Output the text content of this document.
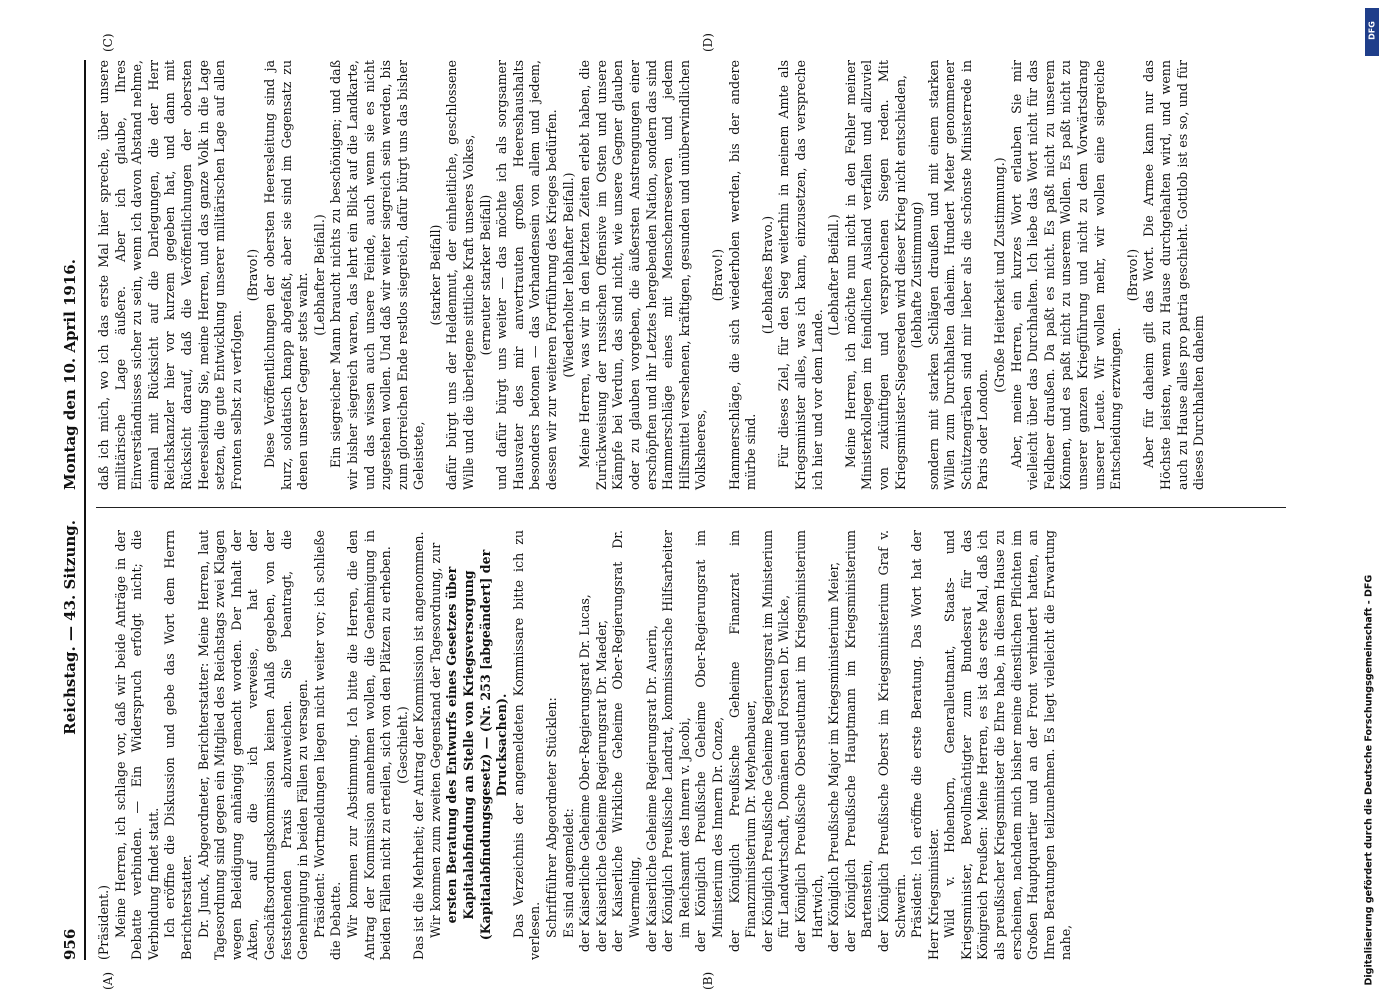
956
Reichstag. — 43. Sitzung.
Montag den 10. April 1916.
(A)	(B)
(C)	(D)

(Präsident.) Meine Herren, ich schlage vor, daß wir beide Anträge in der Debatte verbinden. — Ein Widerspruch erfolgt nicht; die Verbindung findet statt. Ich eröffne die Diskussion und gebe das Wort dem Herrn Berichterstatter. Dr. Junck, Abgeordneter, Berichterstatter: Meine Herren, laut Tagesordnung sind gegen ein Mitglied des Reichstags zwei Klagen wegen Beleidigung anhängig gemacht worden. Der Inhalt der Akten, auf die ich verweise, hat der Geschäftsordnungskommission keinen Anlaß gegeben, von der feststehenden Praxis abzuweichen. Sie beantragt, die Genehmigung in beiden Fällen zu versagen. Präsident: Wortmeldungen liegen nicht weiter vor; ich schließe die Debatte. Wir kommen zur Abstimmung. Ich bitte die Herren, die den Antrag der Kommission annehmen wollen, die Genehmigung in beiden Fällen nicht zu erteilen, sich von den Plätzen zu erheben. (Geschieht.) Das ist die Mehrheit; der Antrag der Kommission ist angenommen. Wir kommen zum zweiten Gegenstand der Tagesordnung, zur ersten Beratung des Entwurfs eines Gesetzes über Kapitalabfindung an Stelle von Kriegsversorgung (Kapitalabfindungsgesetz) — (Nr. 253 [abgeändert] der Drucksachen). Das Verzeichnis der angemeldeten Kommissare bitte ich zu verlesen. Schriftführer Abgeordneter Stücklen: Es sind angemeldet: der Kaiserliche Geheime Ober-Regierungsrat Dr. Lucas, der Kaiserliche Geheime Regierungsrat Dr. Maeder, der Kaiserliche Wirkliche Geheime Ober-Regierungsrat Dr. Wuermeling, der Kaiserliche Geheime Regierungsrat Dr. Auerin, der Königlich Preußische Landrat, kommissarische Hilfsarbeiter im Reichsamt des Innern v. Jacobi, der Königlich Preußische Geheime Ober-Regierungsrat im Ministerium des Innern Dr. Conze, der Königlich Preußische Geheime Finanzrat im Finanzministerium Dr. Meyhenbauer, der Königlich Preußische Geheime Regierungsrat im Ministerium für Landwirtschaft, Domänen und Forsten Dr. Wilcke, der Königlich Preußische Oberstleutnant im Kriegsministerium Hartwich, der Königlich Preußische Major im Kriegsministerium Meier, der Königlich Preußische Hauptmann im Kriegsministerium Bartenstein, der Königlich Preußische Oberst im Kriegsministerium Graf v. Schwerin. Präsident: Ich eröffne die erste Beratung. Das Wort hat der Herr Kriegsminister. Wild v. Hohenborn, Generalleutnant, Staats- und Kriegsminister, Bevollmächtigter zum Bundesrat für das Königreich Preußen: Meine Herren, es ist das erste Mal, daß ich als preußischer Kriegsminister die Ehre habe, in diesem Hause zu erscheinen, nachdem mich bisher meine dienstlichen Pflichten im Großen Hauptquartier und an der Front verhindert hatten, an Ihren Beratungen teilzunehmen. Es liegt vielleicht die Erwartung nahe,

daß ich mich, wo ich das erste Mal hier spreche, über unsere militärische Lage äußere. Aber ich glaube, Ihres Einverständnisses sicher zu sein, wenn ich davon Abstand nehme, einmal mit Rücksicht auf die Darlegungen, die der Herr Reichskanzler hier vor kurzem gegeben hat, und dann mit Rücksicht darauf, daß die Veröffentlichungen der obersten Heeresleitung Sie, meine Herren, und das ganze Volk in die Lage setzen, die gute Entwicklung unserer militärischen Lage auf allen Fronten selbst zu verfolgen.

(Bravo!) Diese Veröffentlichungen der obersten Heeresleitung sind ja kurz, soldatisch knapp abgefaßt, aber sie sind im Gegensatz zu denen unserer Gegner stets wahr. (Lebhafter Beifall.) Ein siegreicher Mann braucht nichts zu beschönigen; und daß wir bisher siegreich waren, das lehrt ein Blick auf die Landkarte, und das wissen auch unsere Feinde, auch wenn sie es nicht zugestehen wollen. Und daß wir weiter siegreich sein werden, bis zum glorreichen Ende restlos siegreich, dafür bürgt uns das bisher Geleistete,

(starker Beifall) dafür bürgt uns der Heldenmut, der einheitliche, geschlossene Wille und die überlegene sittliche Kraft unseres Volkes, (erneuter starker Beifall) und dafür bürgt uns weiter — das möchte ich als sorgsamer Hausvater des mir anvertrauten großen Heereshaushalts besonders betonen — das Vorhandensein von allem und jedem, dessen wir zur weiteren Fortführung des Krieges bedürfen. (Wiederholter lebhafter Beifall.) Meine Herren, was wir in den letzten Zeiten erlebt haben, die Zurückweisung der russischen Offensive im Osten und unsere Kämpfe bei Verdun, das sind nicht, wie unsere Gegner glauben oder zu glauben vorgeben, die äußersten Anstrengungen einer erschöpften und ihr Letztes hergebenden Nation, sondern das sind Hammerschläge eines mit Menschenreserven und jedem Hilfsmittel versehenen, kräftigen, gesunden und unüberwindlichen Volksheeres,

(Bravo!) Hammerschläge, die sich wiederholen werden, bis der andere mürbe sind.

(Lebhaftes Bravo.) Für dieses Ziel, für den Sieg weiterhin in meinem Amte als Kriegsminister alles, was ich kann, einzusetzen, das verspreche ich hier und vor dem Lande.

(Lebhafter Beifall.) Meine Herren, ich möchte nun nicht in den Fehler meiner Ministerkollegen im feindlichen Ausland verfallen und allzuviel von zukünftigen und versprochenen Siegen reden. Mit Kriegsminister-Siegesreden wird dieser Krieg nicht entschieden, (lebhafte Zustimmung) sondern mit starken Schlägen draußen und mit einem starken Willen zum Durchhalten daheim. Hundert Meter genommener Schützengräben sind mir lieber als die schönste Ministerrede in Paris oder London.

(Große Heiterkeit und Zustimmung.) Aber, meine Herren, ein kurzes Wort erlauben Sie mir vielleicht über das Durchhalten. Ich liebe das Wort nicht für das Feldheer draußen. Da paßt es nicht. Es paßt nicht zu unserem Können, und es paßt nicht zu unserem Wollen. Es paßt nicht zu unserer ganzen Kriegführung und nicht zu dem Vorwärtsdrang unserer Leute. Wir wollen mehr, wir wollen eine siegreiche Entscheidung erzwingen.

(Bravo!) Aber für daheim gilt das Wort. Die Armee kann nur das Höchste leisten, wenn zu Hause durchgehalten wird, und wenn auch zu Hause alles pro patria geschieht. Gottlob ist es so, und für dieses Durchhalten daheim

DFG
Digitalisierung gefördert durch die Deutsche Forschungsgemeinschaft - DFG
